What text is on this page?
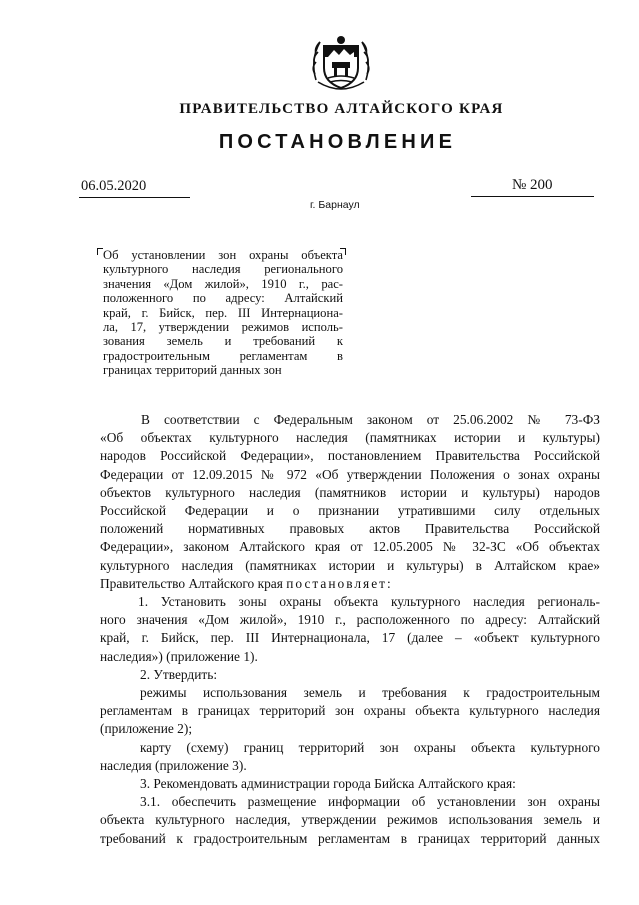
ПРАВИТЕЛЬСТВО АЛТАЙСКОГО КРАЯ
ПОСТАНОВЛЕНИЕ
06.05.2020	№ 200
г. Барнаул
Об установлении зон охраны объекта
культурного наследия регионального
значения «Дом жилой», 1910 г., рас-
положенного по адресу: Алтайский
край, г. Бийск, пер. III Интернациона-
ла, 17, утверждении режимов исполь-
зования земель и требований к
градостроительным регламентам в
границах территорий данных зон
В соответствии с Федеральным законом от 25.06.2002 № 73-ФЗ
«Об объектах культурного наследия (памятниках истории и культуры)
народов Российской Федерации», постановлением Правительства Российской
Федерации от 12.09.2015 № 972 «Об утверждении Положения о зонах охраны
объектов культурного наследия (памятников истории и культуры) народов
Российской Федерации и о признании утратившими силу отдельных
положений нормативных правовых актов Правительства Российской
Федерации», законом Алтайского края от 12.05.2005 № 32-ЗС «Об объектах
культурного наследия (памятниках истории и культуры) в Алтайском крае»
Правительство Алтайского края постановляет:
1. Установить зоны охраны объекта культурного наследия региональ-
ного значения «Дом жилой», 1910 г., расположенного по адресу: Алтайский
край, г. Бийск, пер. III Интернационала, 17 (далее – «объект культурного
наследия») (приложение 1).
2. Утвердить:
режимы использования земель и требования к градостроительным
регламентам в границах территорий зон охраны объекта культурного наследия
(приложение 2);
карту (схему) границ территорий зон охраны объекта культурного
наследия (приложение 3).
3. Рекомендовать администрации города Бийска Алтайского края:
3.1. обеспечить размещение информации об установлении зон охраны
объекта культурного наследия, утверждении режимов использования земель и
требований к градостроительным регламентам в границах территорий данных
